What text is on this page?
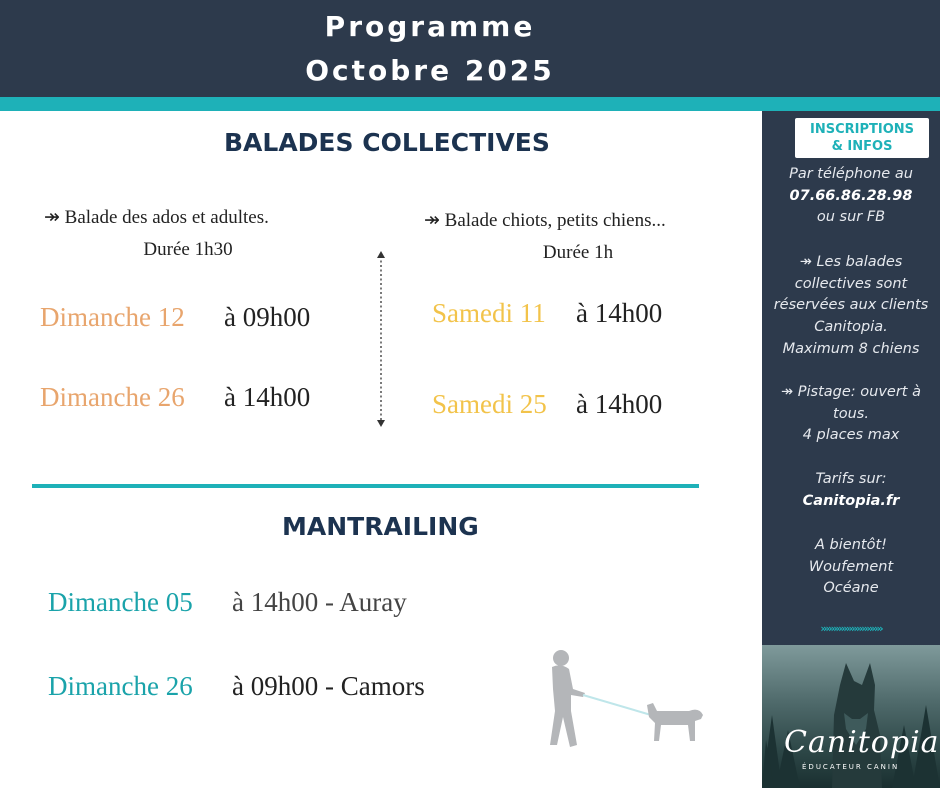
Programme
Octobre 2025
INSCRIPTIONS
& INFOS
Par téléphone au
07.66.86.28.98
ou sur FB
↠ Les balades
collectives sont
réservées aux clients
Canitopia.
Maximum 8 chiens
↠ Pistage: ouvert à
tous.
4 places max
Tarifs sur:
Canitopia.fr
A bientôt!
Woufement
Océane
»»»»»»»»»»»»
Canitopia
ÉDUCATEUR CANIN
BALADES COLLECTIVES
↠ Balade des ados et adultes.
Durée 1h30
Dimanche 12 à 09h00
Dimanche 26 à 14h00
↠ Balade chiots, petits chiens...
Durée 1h
Samedi 11 à 14h00
Samedi 25 à 14h00
MANTRAILING
Dimanche 05 à 14h00 - Auray
Dimanche 26 à 09h00 - Camors
